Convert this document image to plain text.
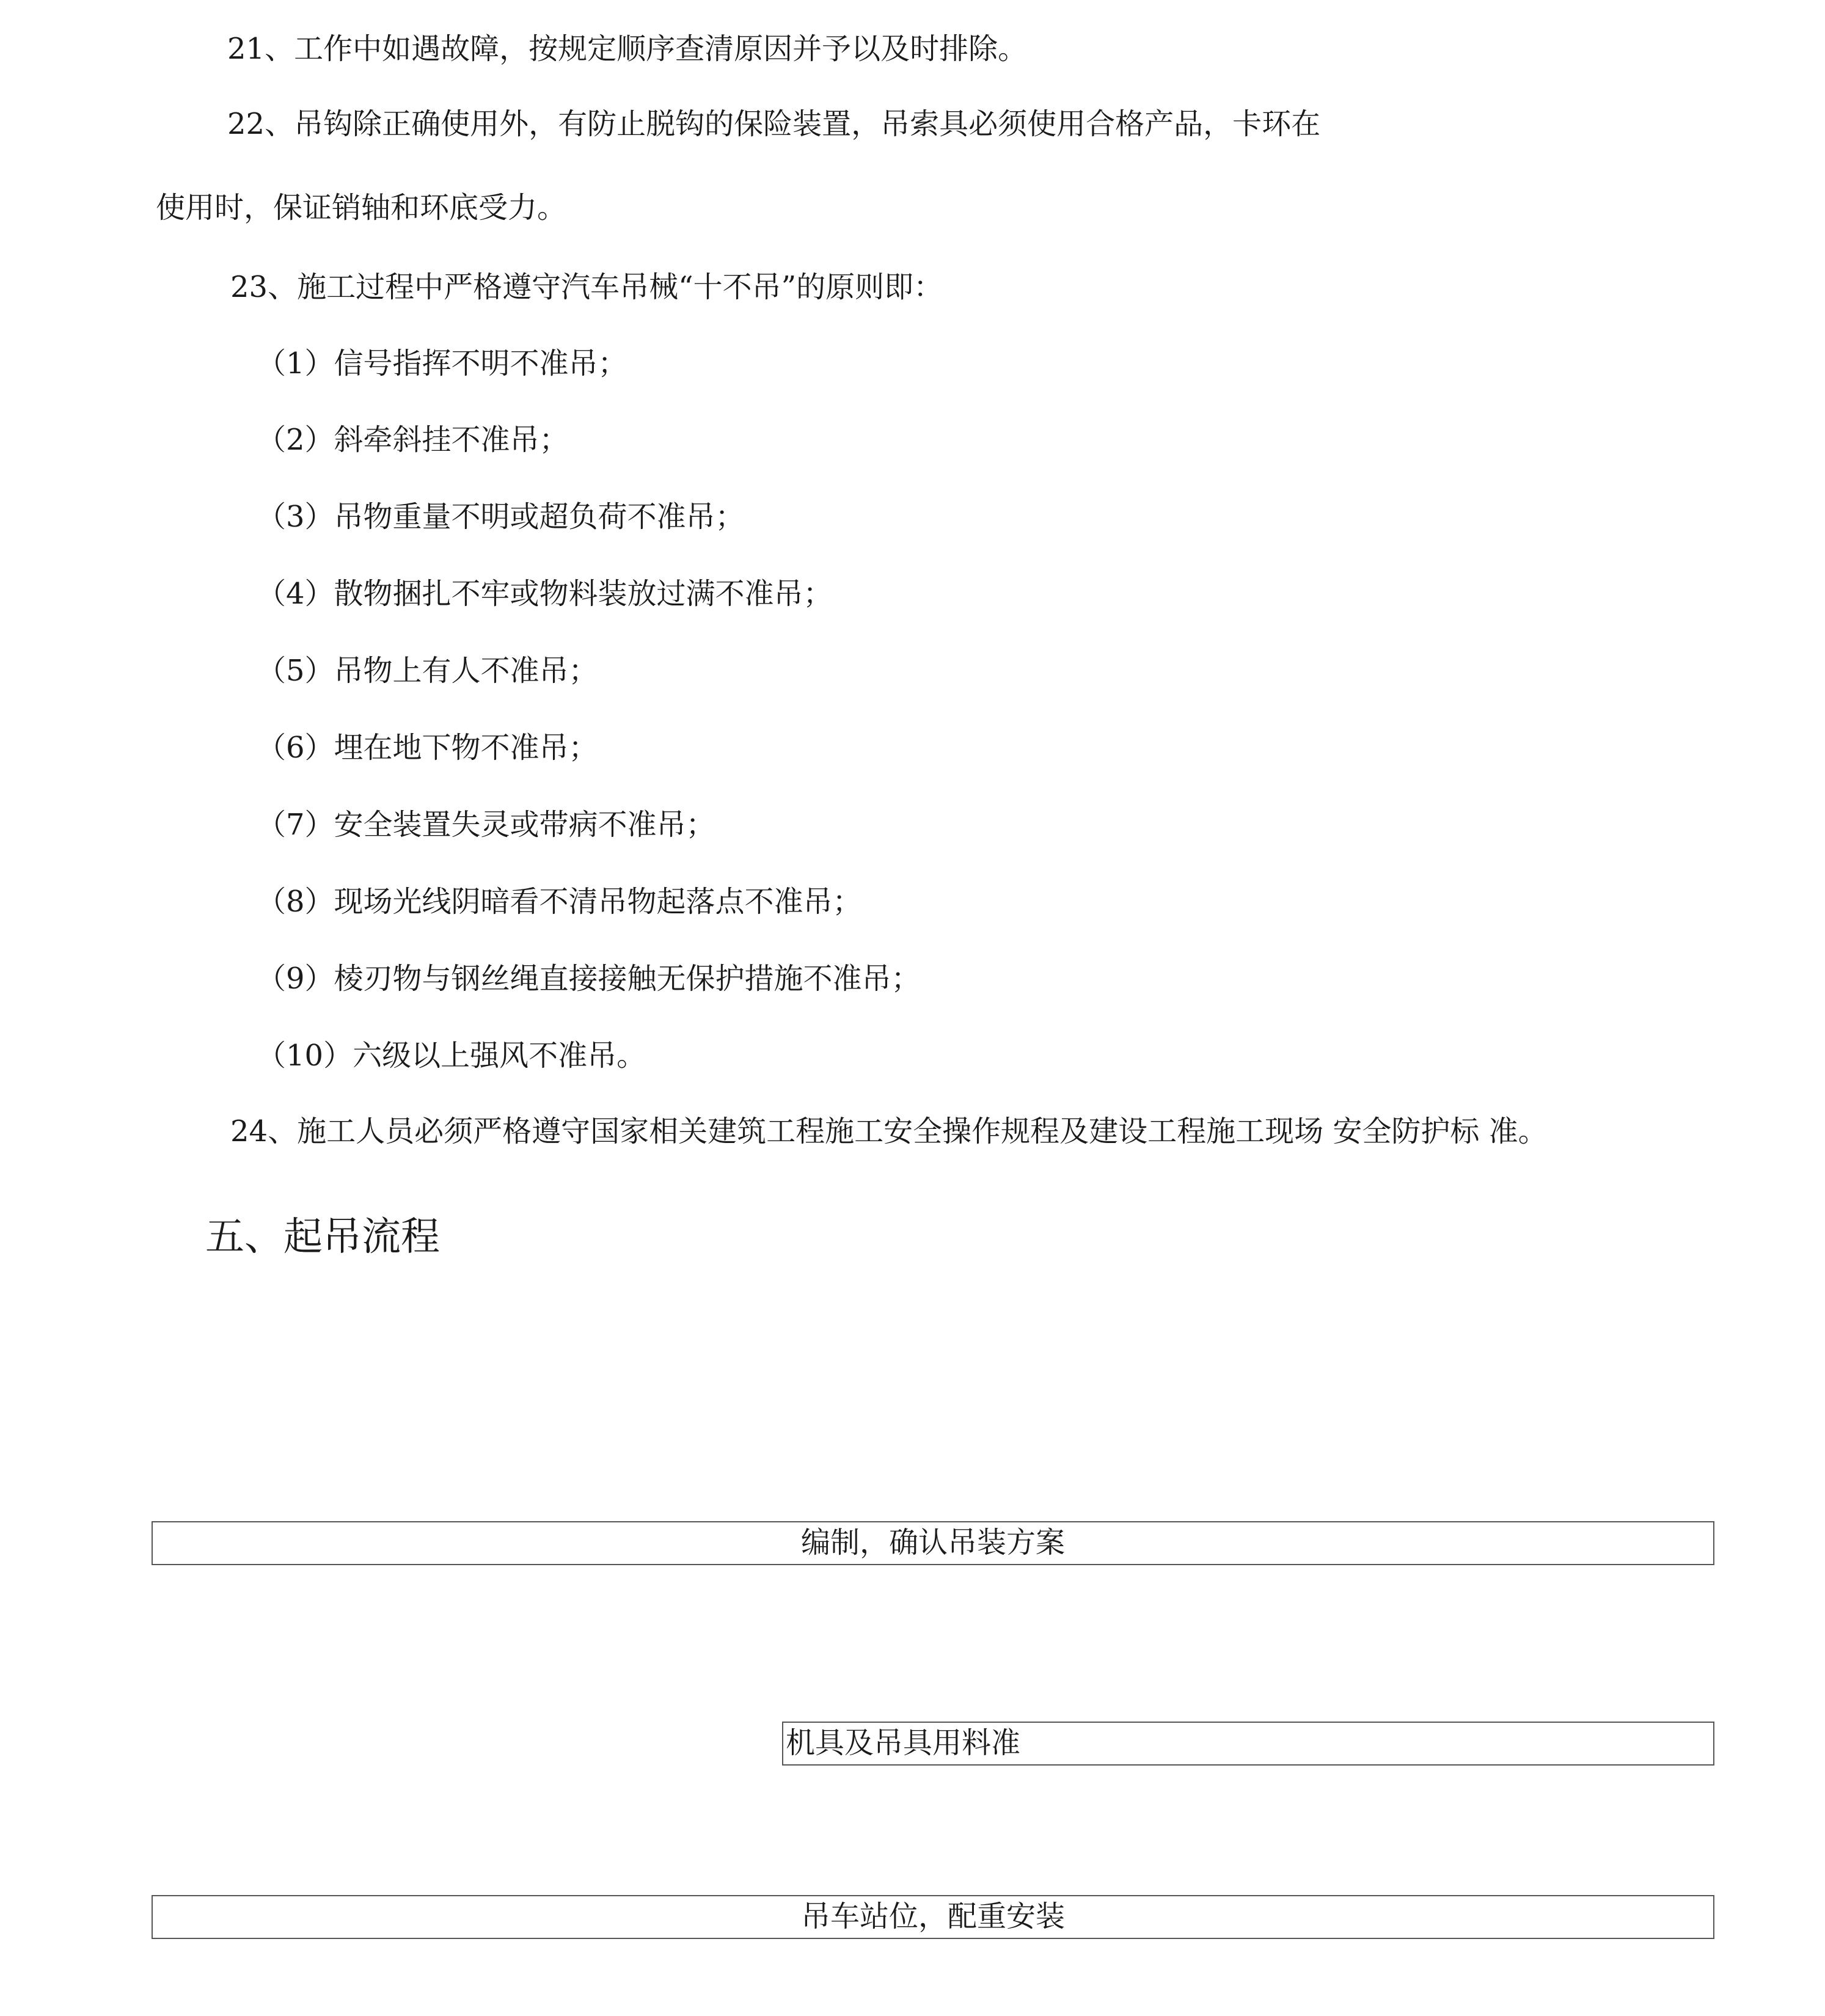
21、工作中如遇故障，按规定顺序查清原因并予以及时排除。

22、吊钩除正确使用外，有防止脱钩的保险装置，吊索具必须使用合格产品，卡环在

使用时，保证销轴和环底受力。

23、施工过程中严格遵守汽车吊械“十不吊”的原则即：

（1）信号指挥不明不准吊；

（2）斜牵斜挂不准吊；

（3）吊物重量不明或超负荷不准吊；

（4）散物捆扎不牢或物料装放过满不准吊；

（5）吊物上有人不准吊；

（6）埋在地下物不准吊；

（7）安全装置失灵或带病不准吊；

（8）现场光线阴暗看不清吊物起落点不准吊；

（9）棱刃物与钢丝绳直接接触无保护措施不准吊；

（10）六级以上强风不准吊。

24、施工人员必须严格遵守国家相关建筑工程施工安全操作规程及建设工程施工现场 安全防护标 准。

五、起吊流程
编制，确认吊装方案
机具及吊具用料准
吊车站位，配重安装
